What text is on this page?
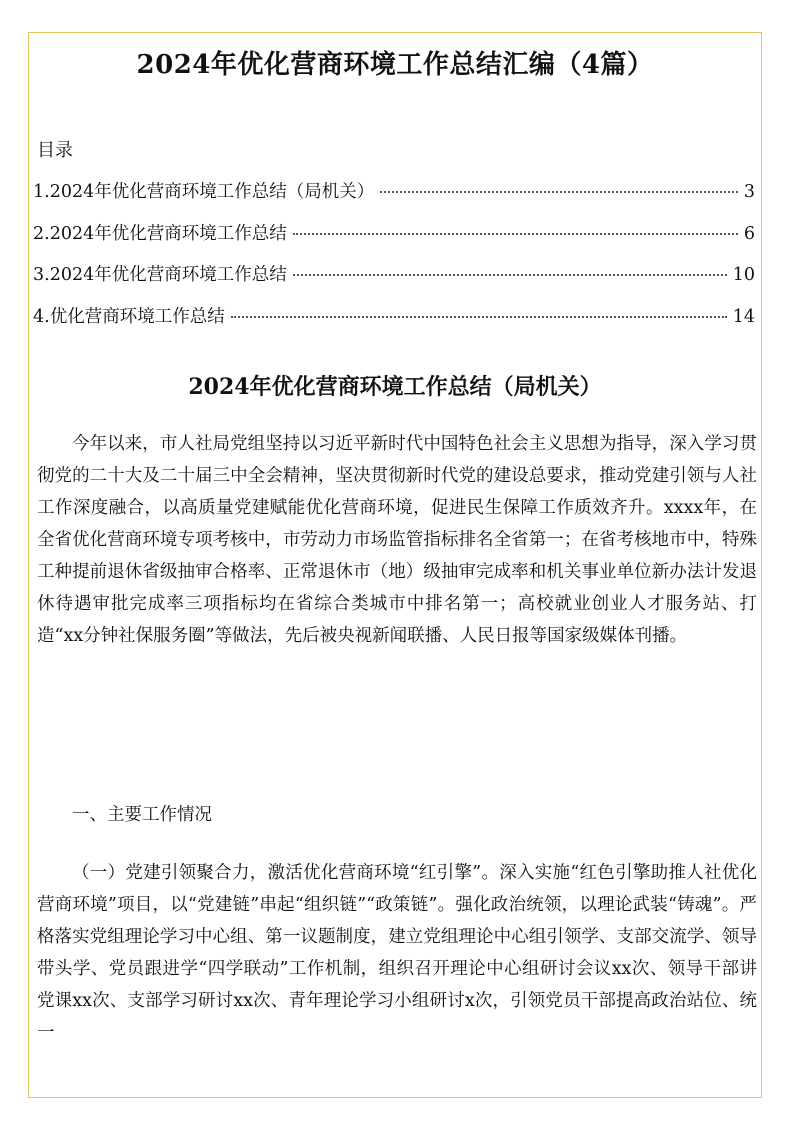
2024年优化营商环境工作总结汇编（4篇）
目录
1.2024年优化营商环境工作总结（局机关）	3
2.2024年优化营商环境工作总结	6
3.2024年优化营商环境工作总结	10
4.优化营商环境工作总结	14
2024年优化营商环境工作总结（局机关）

今年以来，市人社局党组坚持以习近平新时代中国特色社会主义思想为指导，深入学习贯彻党的二十大及二十届三中全会精神，坚决贯彻新时代党的建设总要求，推动党建引领与人社工作深度融合，以高质量党建赋能优化营商环境，促进民生保障工作质效齐升。xxxx年，在全省优化营商环境专项考核中，市劳动力市场监管指标排名全省第一；在省考核地市中，特殊工种提前退休省级抽审合格率、正常退休市（地）级抽审完成率和机关事业单位新办法计发退休待遇审批完成率三项指标均在省综合类城市中排名第一；高校就业创业人才服务站、打造“xx分钟社保服务圈”等做法，先后被央视新闻联播、人民日报等国家级媒体刊播。

一、主要工作情况

（一）党建引领聚合力，激活优化营商环境“红引擎”。深入实施“红色引擎助推人社优化营商环境”项目，以“党建链”串起“组织链”“政策链”。强化政治统领，以理论武装“铸魂”。严格落实党组理论学习中心组、第一议题制度，建立党组理论中心组引领学、支部交流学、领导带头学、党员跟进学“四学联动”工作机制，组织召开理论中心组研讨会议xx次、领导干部讲党课xx次、支部学习研讨xx次、青年理论学习小组研讨x次，引领党员干部提高政治站位、统一
